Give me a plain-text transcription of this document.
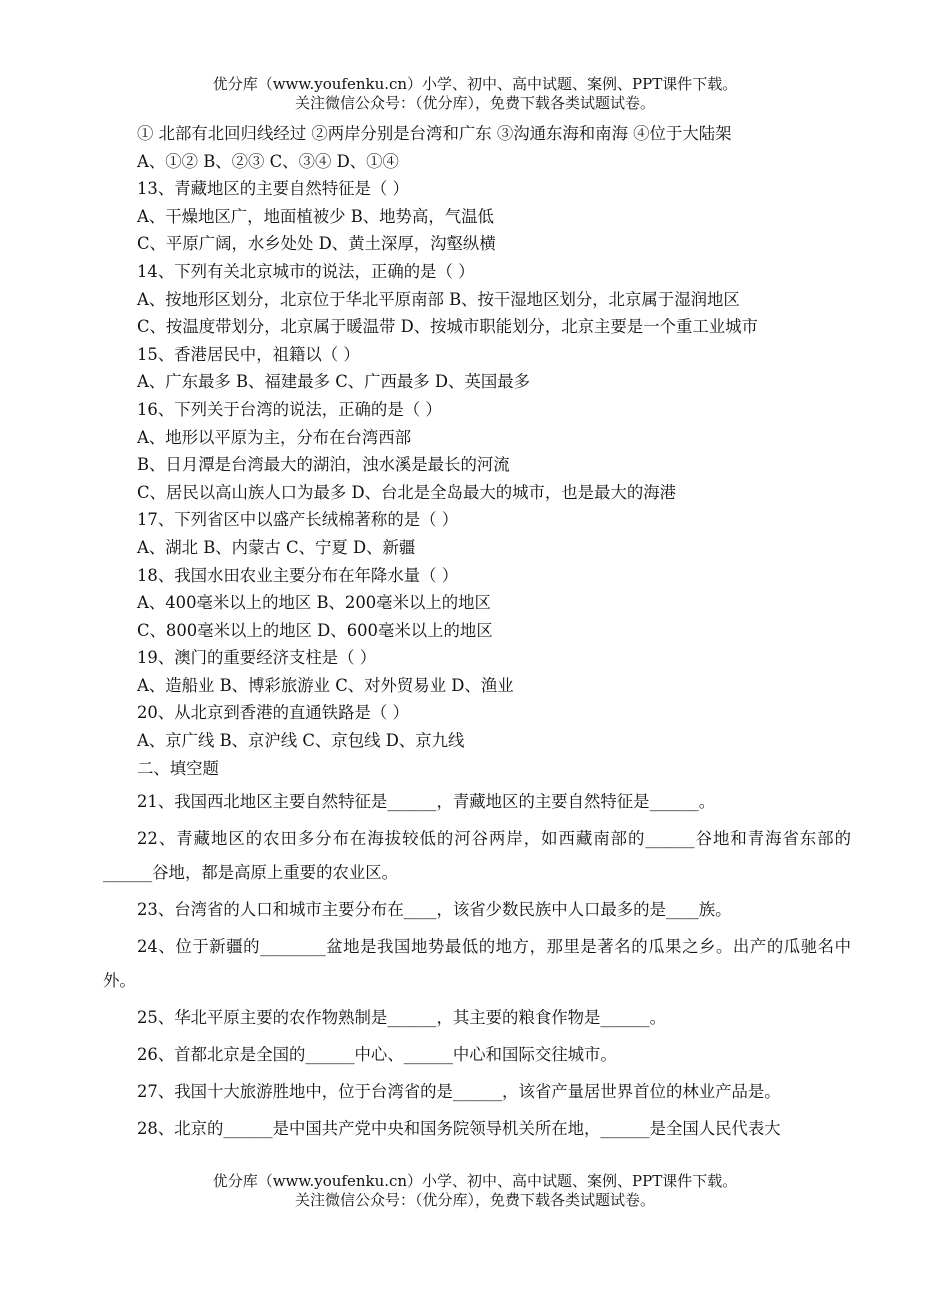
优分库（www.youfenku.cn）小学、初中、高中试题、案例、PPT课件下载。
关注微信公众号：（优分库），免费下载各类试题试卷。
① 北部有北回归线经过 ②两岸分别是台湾和广东 ③沟通东海和南海 ④位于大陆架
A、①② B、②③ C、③④ D、①④
13、青藏地区的主要自然特征是（ ）
A、干燥地区广，地面植被少 B、地势高，气温低
C、平原广阔，水乡处处 D、黄土深厚，沟壑纵横
14、下列有关北京城市的说法，正确的是（ ）
A、按地形区划分，北京位于华北平原南部 B、按干湿地区划分，北京属于湿润地区
C、按温度带划分，北京属于暖温带 D、按城市职能划分，北京主要是一个重工业城市
15、香港居民中，祖籍以（ ）
A、广东最多 B、福建最多 C、广西最多 D、英国最多
16、下列关于台湾的说法，正确的是（ ）
A、地形以平原为主，分布在台湾西部
B、日月潭是台湾最大的湖泊，浊水溪是最长的河流
C、居民以高山族人口为最多 D、台北是全岛最大的城市，也是最大的海港
17、下列省区中以盛产长绒棉著称的是（ ）
A、湖北 B、内蒙古 C、宁夏 D、新疆
18、我国水田农业主要分布在年降水量（ ）
A、400毫米以上的地区 B、200毫米以上的地区
C、800毫米以上的地区 D、600毫米以上的地区
19、澳门的重要经济支柱是（ ）
A、造船业 B、博彩旅游业 C、对外贸易业 D、渔业
20、从北京到香港的直通铁路是（ ）
A、京广线 B、京沪线 C、京包线 D、京九线
二、填空题
21、我国西北地区主要自然特征是______，青藏地区的主要自然特征是______。
22、青藏地区的农田多分布在海拔较低的河谷两岸，如西藏南部的______谷地和青海省东部的______谷地，都是高原上重要的农业区。
23、台湾省的人口和城市主要分布在____，该省少数民族中人口最多的是____族。
24、位于新疆的________盆地是我国地势最低的地方，那里是著名的瓜果之乡。出产的瓜驰名中外。
25、华北平原主要的农作物熟制是______，其主要的粮食作物是______。
26、首都北京是全国的______中心、______中心和国际交往城市。
27、我国十大旅游胜地中，位于台湾省的是______，该省产量居世界首位的林业产品是。
28、北京的______是中国共产党中央和国务院领导机关所在地，______是全国人民代表大
优分库（www.youfenku.cn）小学、初中、高中试题、案例、PPT课件下载。
关注微信公众号：（优分库），免费下载各类试题试卷。
